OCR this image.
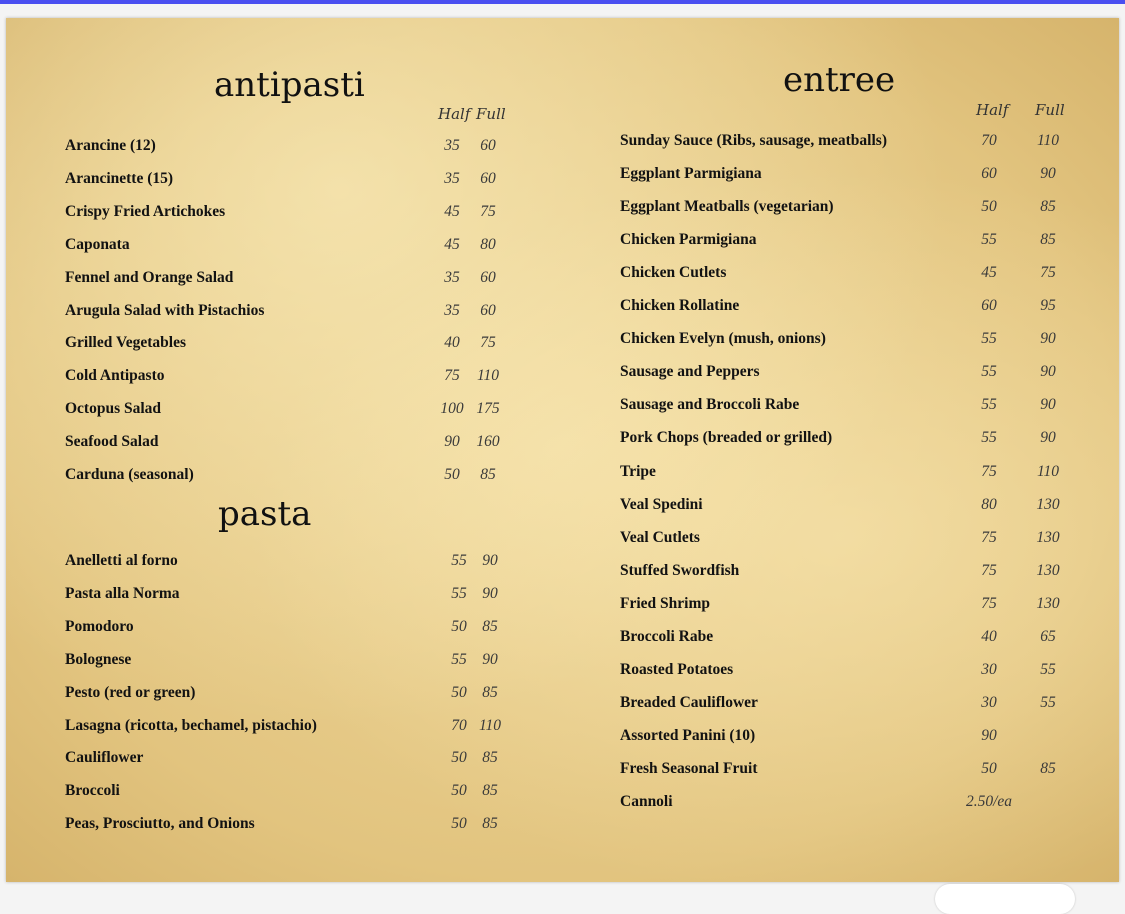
antipasti
Half Full
Arancine (12)	35	60
Arancinette (15)	35	60
Crispy Fried Artichokes	45	75
Caponata	45	80
Fennel and Orange Salad	35	60
Arugula Salad with Pistachios	35	60
Grilled Vegetables	40	75
Cold Antipasto	75	110
Octopus Salad	100 175
Seafood Salad	90	160
Carduna (seasonal)	50	85
pasta
Anelletti al forno	55	90
Pasta alla Norma	55	90
Pomodoro	50	85
Bolognese	55	90
Pesto (red or green)	50	85
Lasagna (ricotta, bechamel, pistachio)	70 110
Cauliflower	50	85
Broccoli	50	85
Peas, Prosciutto, and Onions	50	85
entree
Half Full
Sunday Sauce (Ribs, sausage, meatballs)	70	110
Eggplant Parmigiana	60	90
Eggplant Meatballs (vegetarian)	50	85
Chicken Parmigiana	55	85
Chicken Cutlets	45	75
Chicken Rollatine	60	95
Chicken Evelyn (mush, onions)	55	90
Sausage and Peppers	55	90
Sausage and Broccoli Rabe	55	90
Pork Chops (breaded or grilled)	55	90
Tripe	75	110
Veal Spedini	80	130
Veal Cutlets	75	130
Stuffed Swordfish	75	130
Fried Shrimp	75	130
Broccoli Rabe	40	65
Roasted Potatoes	30	55
Breaded Cauliflower	30	55
Assorted Panini (10)	90
Fresh Seasonal Fruit	50	85
Cannoli	2.50/ea
